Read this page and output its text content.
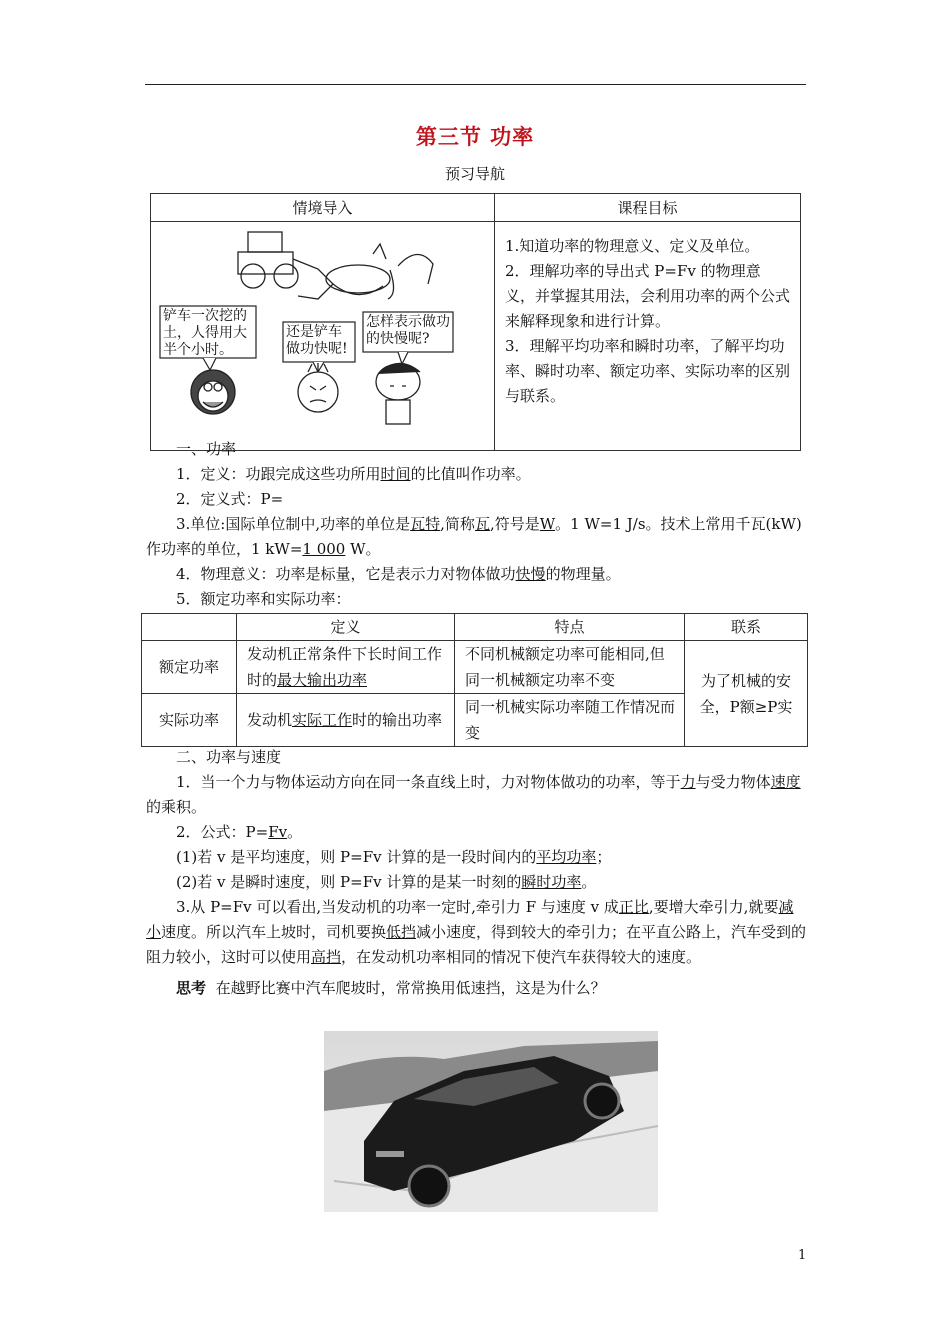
第三节 功率
预习导航
情境导入	课程目标

	1.知道功率的物理意义、定义及单位。

2．理解功率的导出式 P=Fv 的物理意义，并掌握其用法，会利用功率的两个公式来解释现象和进行计算。

3．理解平均功率和瞬时功率，了解平均功率、瞬时功率、额定功率、实际功率的区别与联系。

铲车一次挖的土，人得用大半个小时。
还是铲车做功快呢!
怎样表示做功的快慢呢?

一、功率

1．定义：功跟完成这些功所用时间的比值叫作功率。

2．定义式：P=

3.单位:国际单位制中,功率的单位是瓦特,简称瓦,符号是W。1 W=1 J/s。技术上常用千瓦(kW)作功率的单位，1 kW=1 000 W。

4．物理意义：功率是标量，它是表示力对物体做功快慢的物理量。

5．额定功率和实际功率：

	定义	特点	联系
额定功率	发动机正常条件下长时间工作时的最大输出功率	不同机械额定功率可能相同,但同一机械额定功率不变	为了机械的安全，P额≥P实
实际功率	发动机实际工作时的输出功率	同一机械实际功率随工作情况而变	

二、功率与速度

1．当一个力与物体运动方向在同一条直线上时，力对物体做功的功率，等于力与受力物体速度的乘积。

2．公式：P=Fv。

(1)若 v 是平均速度，则 P=Fv 计算的是一段时间内的平均功率；

(2)若 v 是瞬时速度，则 P=Fv 计算的是某一时刻的瞬时功率。

3.从 P=Fv 可以看出,当发动机的功率一定时,牵引力 F 与速度 v 成正比,要增大牵引力,就要减小速度。所以汽车上坡时，司机要换低挡减小速度，得到较大的牵引力；在平直公路上，汽车受到的阻力较小，这时可以使用高挡，在发动机功率相同的情况下使汽车获得较大的速度。

思考 在越野比赛中汽车爬坡时，常常换用低速挡，这是为什么？

1
